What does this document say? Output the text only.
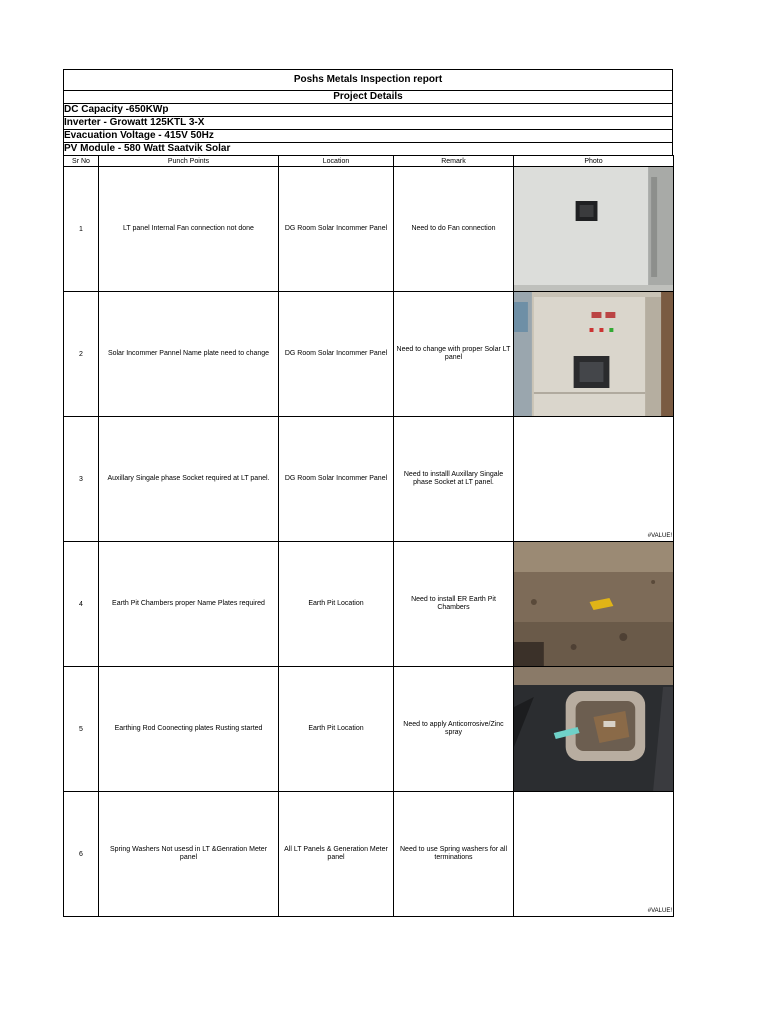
Poshs Metals Inspection report
Project Details
DC Capacity -650KWp
Inverter - Growatt 125KTL 3-X
Evacuation Voltage - 415V 50Hz
PV Module - 580 Watt Saatvik Solar
Sr No	Punch Points	Location	Remark	Photo
1	LT panel Internal Fan connection not done	DG Room Solar Incommer Panel	Need to do Fan connection

2	Solar Incommer Pannel Name plate need to change	DG Room Solar Incommer Panel	Need to change with proper Solar LT panel

3	Auxillary Singale phase Socket required at LT panel.	DG Room Solar Incommer Panel	Need to installl Auxillary Singale phase Socket at LT panel.	#VALUE!

4	Earth Pit Chambers proper Name Plates required	Earth Pit Location	Need to install ER Earth Pit Chambers

5	Earthing Rod Coonecting plates Rusting started	Earth Pit Location	Need to apply Anticorrosive/Zinc spray

6	Spring Washers Not usesd in LT &Genration Meter panel	All LT Panels & Generation Meter panel	Need to use Spring washers for all terminations	#VALUE!
